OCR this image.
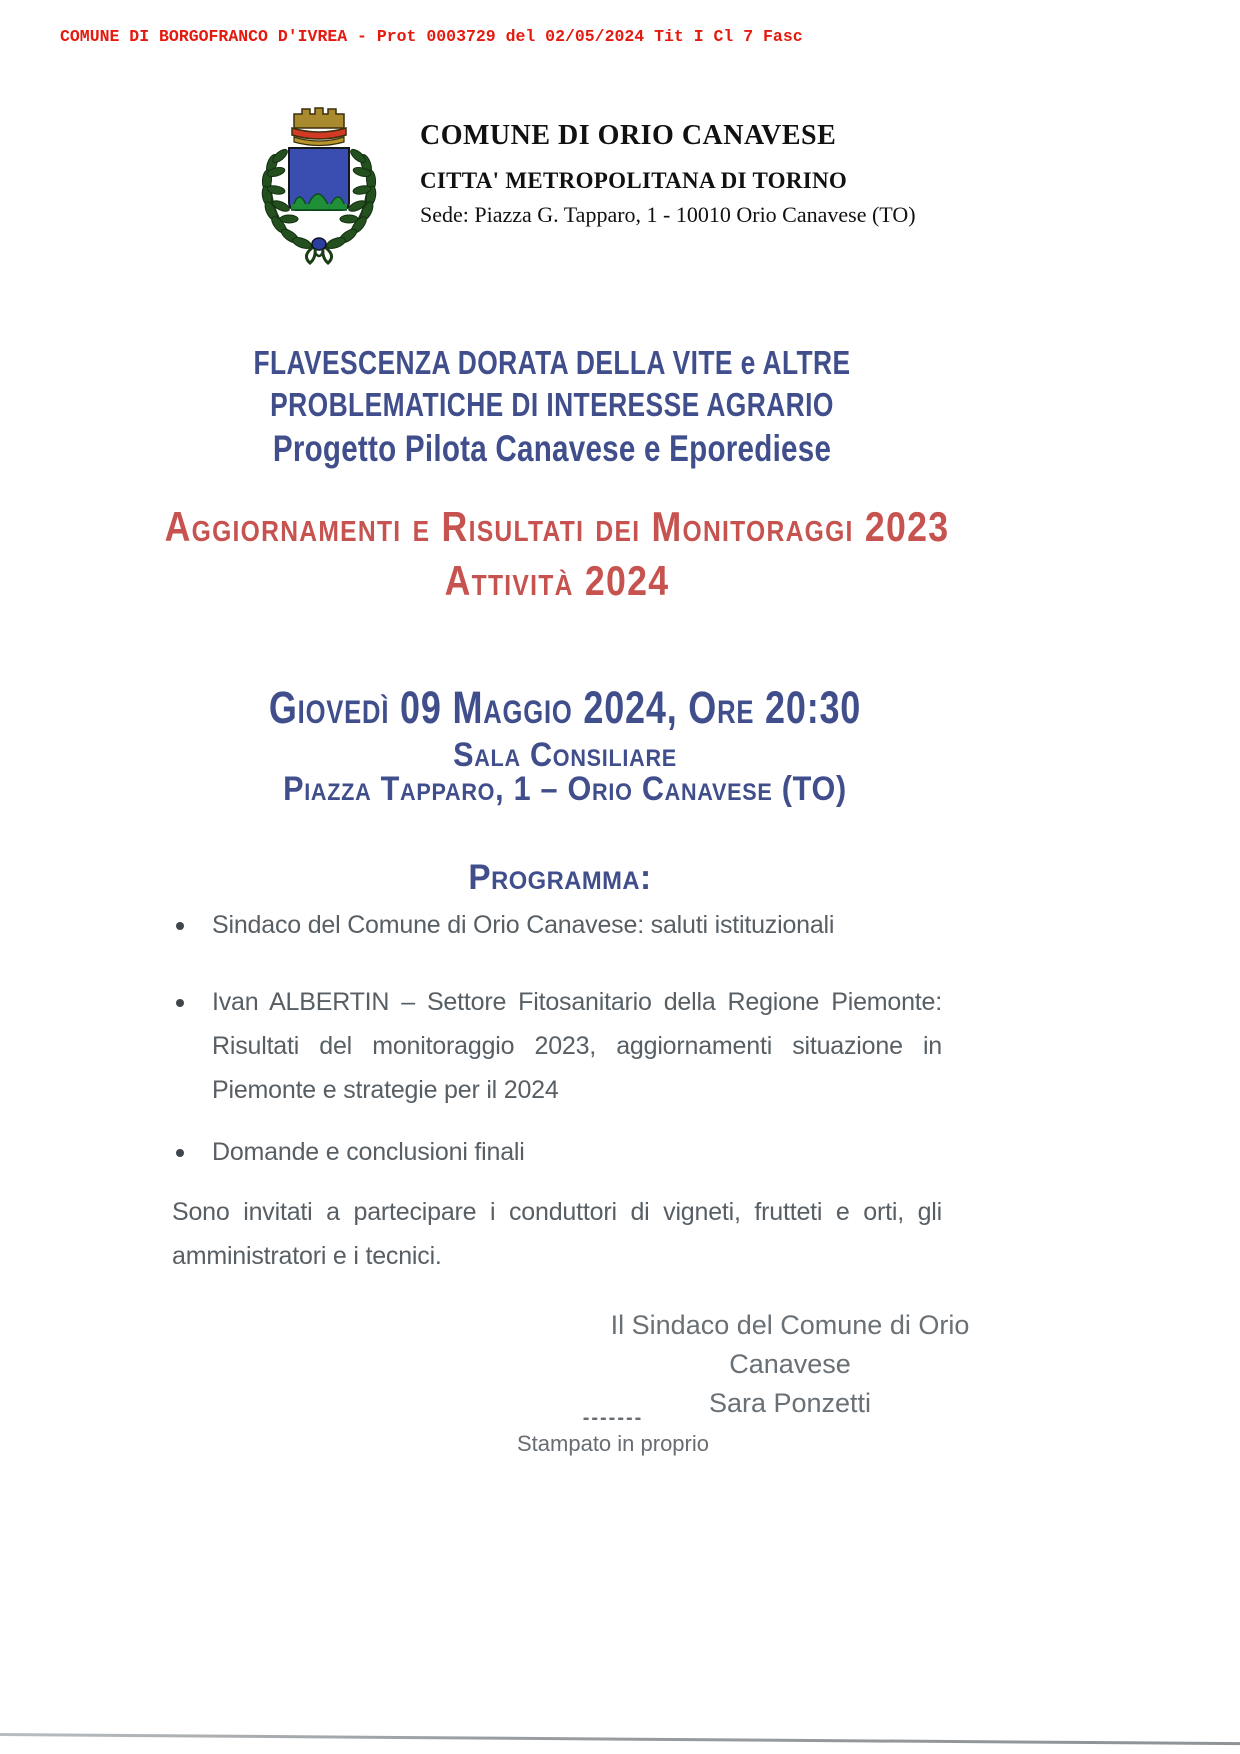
COMUNE DI BORGOFRANCO D'IVREA - Prot 0003729 del 02/05/2024 Tit I Cl 7 Fasc
COMUNE DI ORIO CANAVESE
CITTA' METROPOLITANA DI TORINO
Sede: Piazza G. Tapparo, 1 - 10010 Orio Canavese (TO)
FLAVESCENZA DORATA DELLA VITE e ALTRE
PROBLEMATICHE DI INTERESSE AGRARIO
Progetto Pilota Canavese e Eporediese
Aggiornamenti e Risultati dei Monitoraggi 2023
Attività 2024
Giovedì 09 Maggio 2024, Ore 20:30
Sala Consiliare
Piazza Tapparo, 1 – Orio Canavese (TO)
Programma:
Sindaco del Comune di Orio Canavese: saluti istituzionali
Ivan ALBERTIN – Settore Fitosanitario della Regione Piemonte: Risultati del monitoraggio 2023, aggiornamenti situazione in Piemonte e strategie per il 2024
Domande e conclusioni finali
Sono invitati a partecipare i conduttori di vigneti, frutteti e orti, gli amministratori e i tecnici.
Il Sindaco del Comune di Orio Canavese
Sara Ponzetti
-------
Stampato in proprio
